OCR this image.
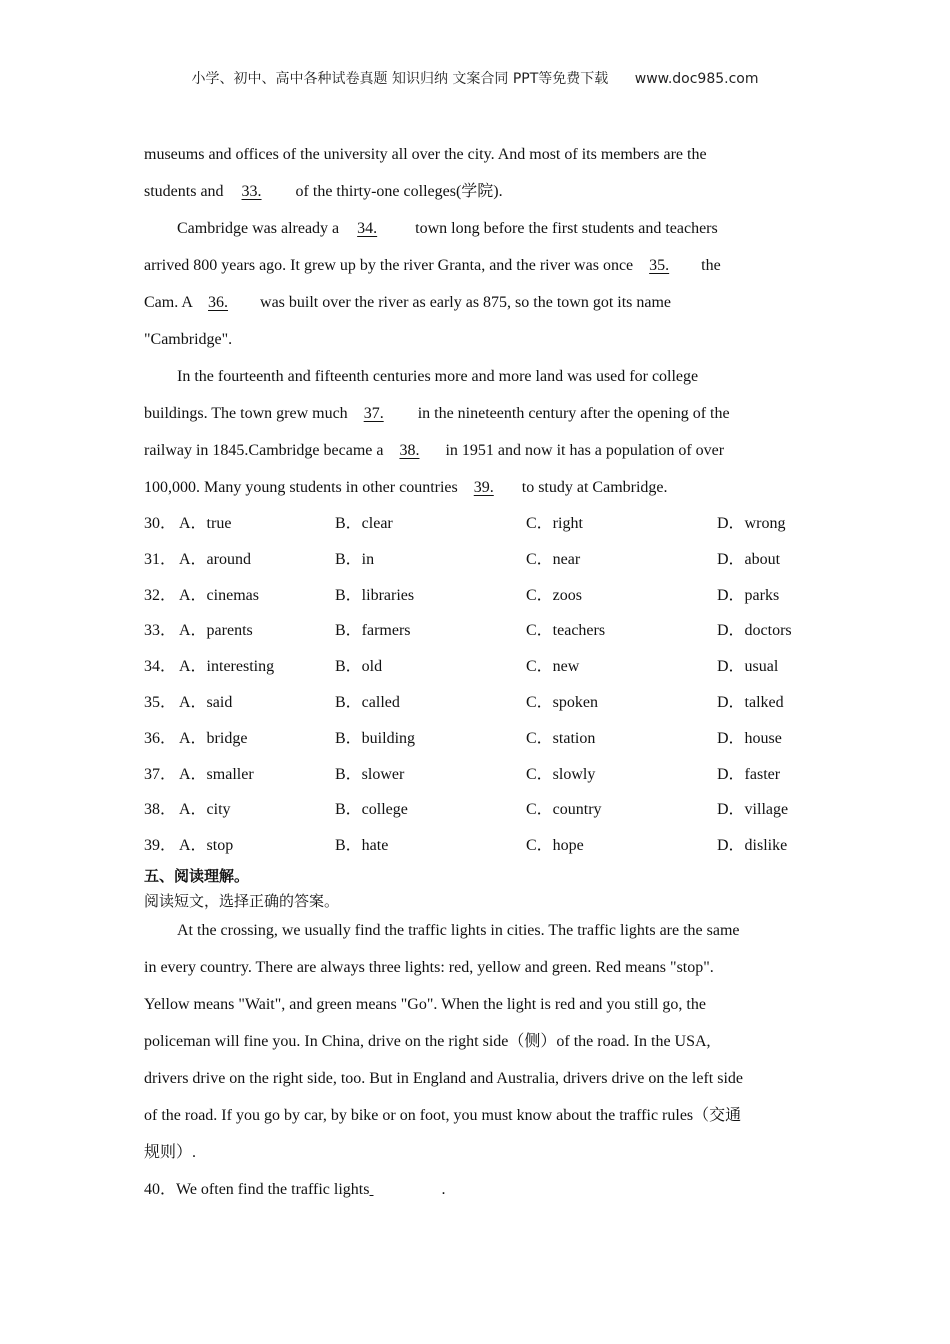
小学、初中、高中各种试卷真题 知识归纳 文案合同 PPT等免费下载 www.doc985.com
museums and offices of the university all over the city. And most of its members are the
students and 33. of the thirty-one colleges(学院).
Cambridge was already a 34. town long before the first students and teachers
arrived 800 years ago. It grew up by the river Granta, and the river was once 35. the
Cam. A 36. was built over the river as early as 875, so the town got its name
"Cambridge".
In the fourteenth and fifteenth centuries more and more land was used for college
buildings. The town grew much 37. in the nineteenth century after the opening of the
railway in 1845.Cambridge became a 38. in 1951 and now it has a population of over
100,000. Many young students in other countries 39. to study at Cambridge.
30． A．true	B．clear	C．right	D．wrong
31． A．around	B．in	C．near	D．about
32． A．cinemas	B．libraries	C．zoos	D．parks
33． A．parents	B．farmers	C．teachers	D．doctors
34． A．interesting	B．old	C．new	D．usual
35． A．said	B．called	C．spoken	D．talked
36． A．bridge	B．building	C．station	D．house
37． A．smaller	B．slower	C．slowly	D．faster
38． A．city	B．college	C．country	D．village
39． A．stop	B．hate	C．hope	D．dislike
五、阅读理解。
阅读短文，选择正确的答案。
At the crossing, we usually find the traffic lights in cities. The traffic lights are the same
in every country. There are always three lights: red, yellow and green. Red means "stop".
Yellow means "Wait", and green means "Go". When the light is red and you still go, the
policeman will fine you. In China, drive on the right side（侧）of the road. In the USA,
drivers drive on the right side, too. But in England and Australia, drivers drive on the left side
of the road. If you go by car, by bike or on foot, you must know about the traffic rules（交通
规则）.
40．We often find the traffic lights	.
